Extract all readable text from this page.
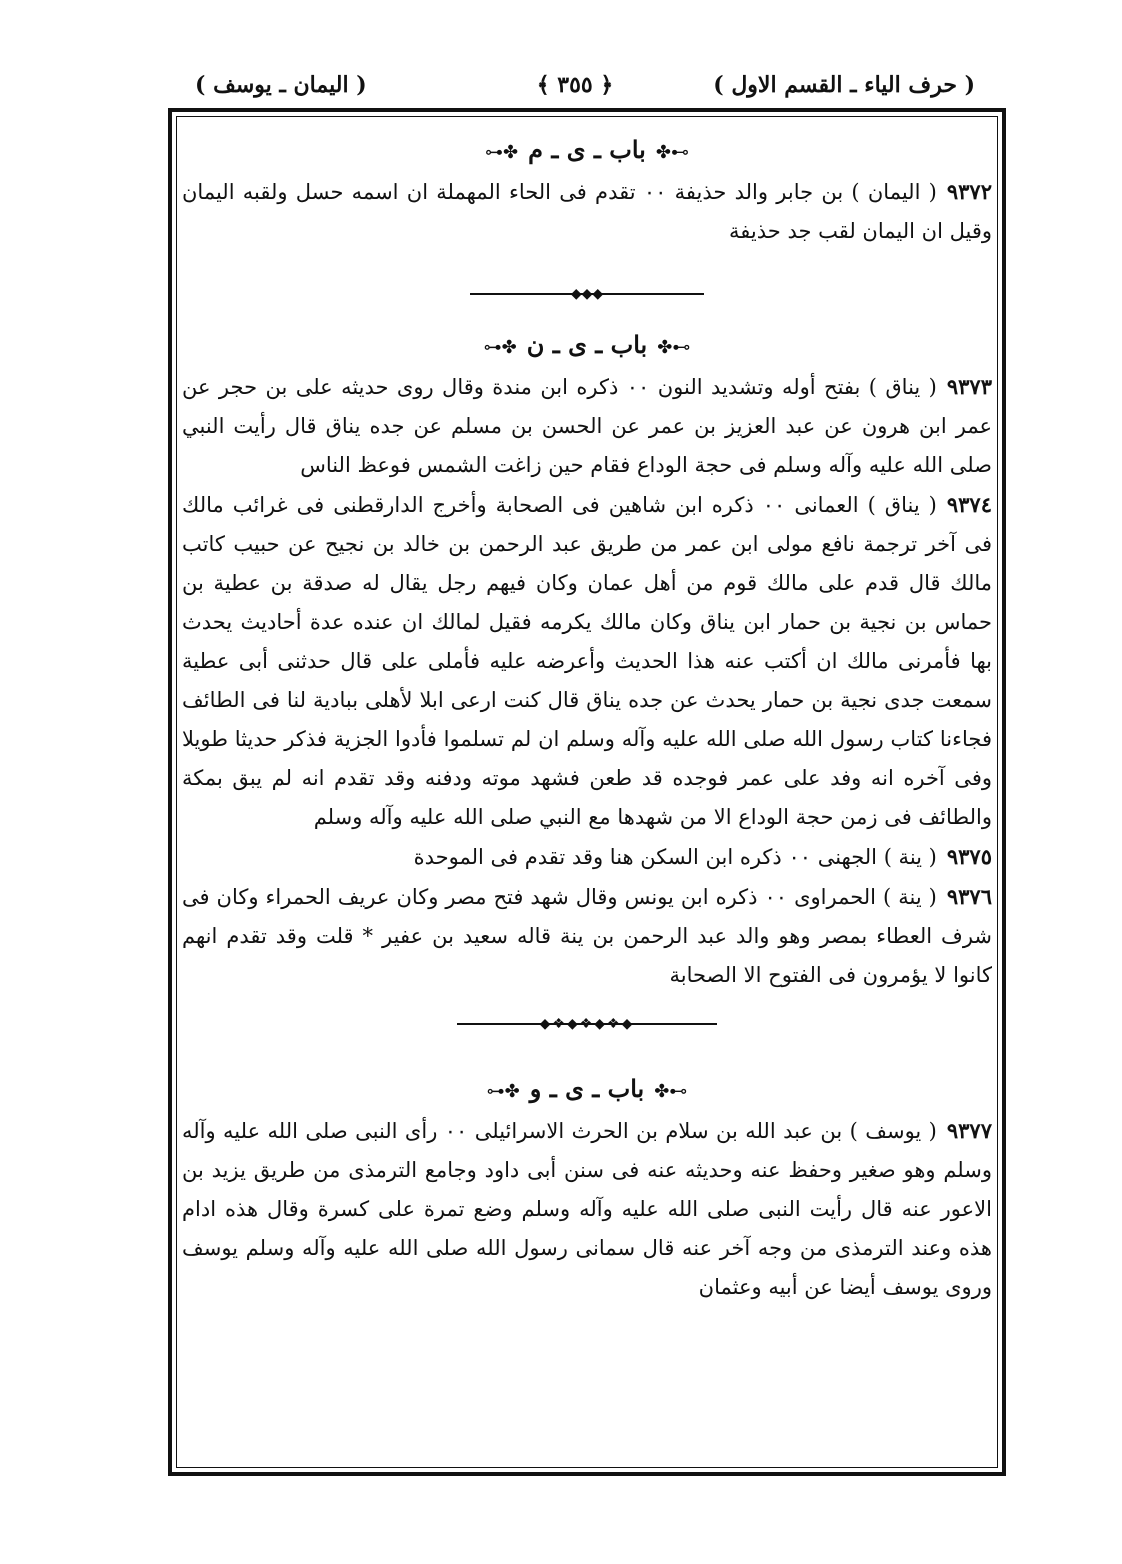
( حرف الياء ـ القسم الاول )
﴿ ٣٥٥ ﴾
( اليمان ـ يوسف )

⊶✤باب ـ ى ـ م✤⊷

٩٣٧٢( اليمان ) بن جابر والد حذيفة ٠٠ تقدم فى الحاء المهملة ان اسمه حسل ولقبه اليمان وقيل ان اليمان لقب جد حذيفة

◆◆◆

⊶✤باب ـ ى ـ ن✤⊷

٩٣٧٣( يناق ) بفتح أوله وتشديد النون ٠٠ ذكره ابن مندة وقال روى حديثه على بن حجر عن عمر ابن هرون عن عبد العزيز بن عمر عن الحسن بن مسلم عن جده يناق قال رأيت النبي صلى الله عليه وآله وسلم فى حجة الوداع فقام حين زاغت الشمس فوعظ الناس

٩٣٧٤( يناق ) العمانى ٠٠ ذكره ابن شاهين فى الصحابة وأخرج الدارقطنى فى غرائب مالك فى آخر ترجمة نافع مولى ابن عمر من طريق عبد الرحمن بن خالد بن نجيح عن حبيب كاتب مالك قال قدم على مالك قوم من أهل عمان وكان فيهم رجل يقال له صدقة بن عطية بن حماس بن نجية بن حمار ابن يناق وكان مالك يكرمه فقيل لمالك ان عنده عدة أحاديث يحدث بها فأمرنى مالك ان أكتب عنه هذا الحديث وأعرضه عليه فأملى على قال حدثنى أبى عطية سمعت جدى نجية بن حمار يحدث عن جده يناق قال كنت ارعى ابلا لأهلى ببادية لنا فى الطائف فجاءنا كتاب رسول الله صلى الله عليه وآله وسلم ان لم تسلموا فأدوا الجزية فذكر حديثا طويلا وفى آخره انه وفد على عمر فوجده قد طعن فشهد موته ودفنه وقد تقدم انه لم يبق بمكة والطائف فى زمن حجة الوداع الا من شهدها مع النبي صلى الله عليه وآله وسلم

٩٣٧٥( ينة ) الجهنى ٠٠ ذكره ابن السكن هنا وقد تقدم فى الموحدة

٩٣٧٦( ينة ) الحمراوى ٠٠ ذكره ابن يونس وقال شهد فتح مصر وكان عريف الحمراء وكان فى شرف العطاء بمصر وهو والد عبد الرحمن بن ينة قاله سعيد بن عفير * قلت وقد تقدم انهم كانوا لا يؤمرون فى الفتوح الا الصحابة

◆❖◆❖◆❖◆

⊶✤باب ـ ى ـ و✤⊷

٩٣٧٧( يوسف ) بن عبد الله بن سلام بن الحرث الاسرائيلى ٠٠ رأى النبى صلى الله عليه وآله وسلم وهو صغير وحفظ عنه وحديثه عنه فى سنن أبى داود وجامع الترمذى من طريق يزيد بن الاعور عنه قال رأيت النبى صلى الله عليه وآله وسلم وضع تمرة على كسرة وقال هذه ادام هذه وعند الترمذى من وجه آخر عنه قال سمانى رسول الله صلى الله عليه وآله وسلم يوسف وروى يوسف أيضا عن أبيه وعثمان
